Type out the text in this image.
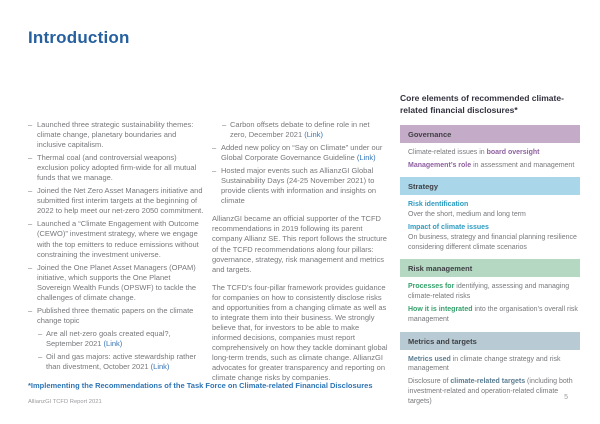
Introduction
– Launched three strategic sustainability themes: climate change, planetary boundaries and inclusive capitalism.
– Thermal coal (and controversial weapons) exclusion policy adopted firm-wide for all mutual funds that we manage.
– Joined the Net Zero Asset Managers initiative and submitted first interim targets at the beginning of 2022 to help meet our net-zero 2050 commitment.
– Launched a “Climate Engagement with Outcome (CEWO)” investment strategy, where we engage with the top emitters to reduce emissions without constraining the investment universe.
– Joined the One Planet Asset Managers (OPAM) initiative, which supports the One Planet Sovereign Wealth Funds (OPSWF) to tackle the challenges of climate change.
– Published three thematic papers on the climate change topic
– Are all net-zero goals created equal?, September 2021 (Link)
– Oil and gas majors: active stewardship rather than divestment, October 2021 (Link)
– Carbon offsets debate to define role in net zero, December 2021 (Link)
– Added new policy on “Say on Climate” under our Global Corporate Governance Guideline (Link)
– Hosted major events such as AllianzGI Global Sustainability Days (24-25 November 2021) to provide clients with information and insights on climate

AllianzGI became an official supporter of the TCFD recommendations in 2019 following its parent company Allianz SE. This report follows the structure of the TCFD recommendations along four pillars: governance, strategy, risk management and metrics and targets.

The TCFD’s four-pillar framework provides guidance for companies on how to consistently disclose risks and opportunities from a changing climate as well as to integrate them into their business. We strongly believe that, for investors to be able to make informed decisions, companies must report comprehensively on how they tackle dominant global long-term trends, such as climate change. AllianzGI advocates for greater transparency and reporting on climate change risks by companies.

Core elements of recommended climate-related financial disclosures*

Governance
Climate-related issues in board oversight
Management’s role in assessment and management
Strategy
Risk identification
Over the short, medium and long term
Impact of climate issues
On business, strategy and financial planning resilience considering different climate scenarios
Risk management
Processes for identifying, assessing and managing climate-related risks
How it is integrated into the organisation’s overall risk management
Metrics and targets
Metrics used in climate change strategy and risk management
Disclosure of climate-related targets (including both investment-related and operation-related climate targets)
*Implementing the Recommendations of the Task Force on Climate-related Financial Disclosures
AllianzGI TCFD Report 2021
5
